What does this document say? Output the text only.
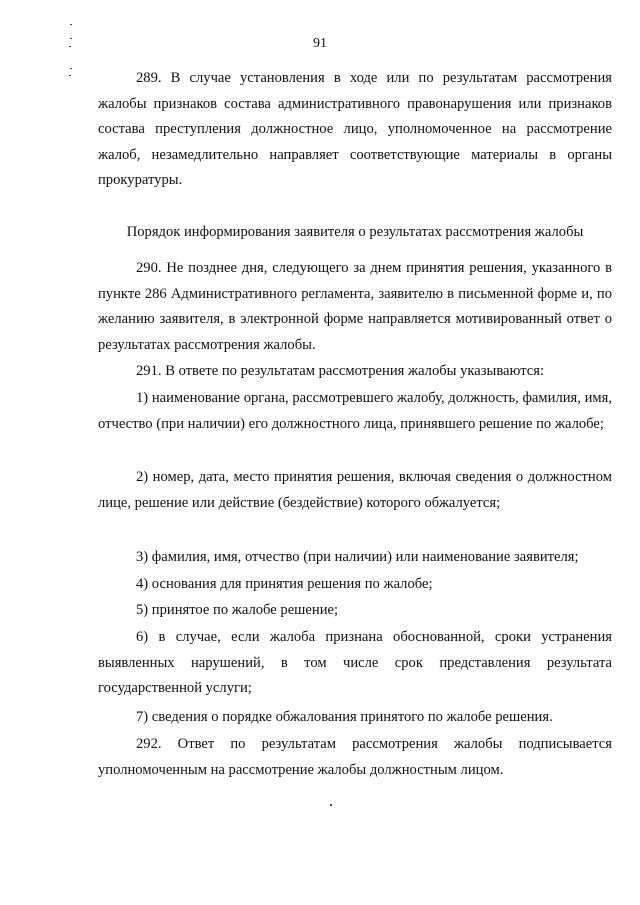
91

289. В случае установления в ходе или по результатам рассмотрения жалобы признаков состава административного правонарушения или признаков состава преступления должностное лицо, уполномоченное на рассмотрение жалоб, незамедлительно направляет соответствующие материалы в органы прокуратуры.

Порядок информирования заявителя о результатах рассмотрения жалобы

290. Не позднее дня, следующего за днем принятия решения, указанного в пункте 286 Административного регламента, заявителю в письменной форме и, по желанию заявителя, в электронной форме направляется мотивированный ответ о результатах рассмотрения жалобы.

291. В ответе по результатам рассмотрения жалобы указываются:

1) наименование органа, рассмотревшего жалобу, должность, фамилия, имя, отчество (при наличии) его должностного лица, принявшего решение по жалобе;

2) номер, дата, место принятия решения, включая сведения о должностном лице, решение или действие (бездействие) которого обжалуется;

3) фамилия, имя, отчество (при наличии) или наименование заявителя;

4) основания для принятия решения по жалобе;

5) принятое по жалобе решение;

6) в случае, если жалоба признана обоснованной, сроки устранения выявленных нарушений, в том числе срок представления результата государственной услуги;

7) сведения о порядке обжалования принятого по жалобе решения.

292. Ответ по результатам рассмотрения жалобы подписывается уполномоченным на рассмотрение жалобы должностным лицом.
